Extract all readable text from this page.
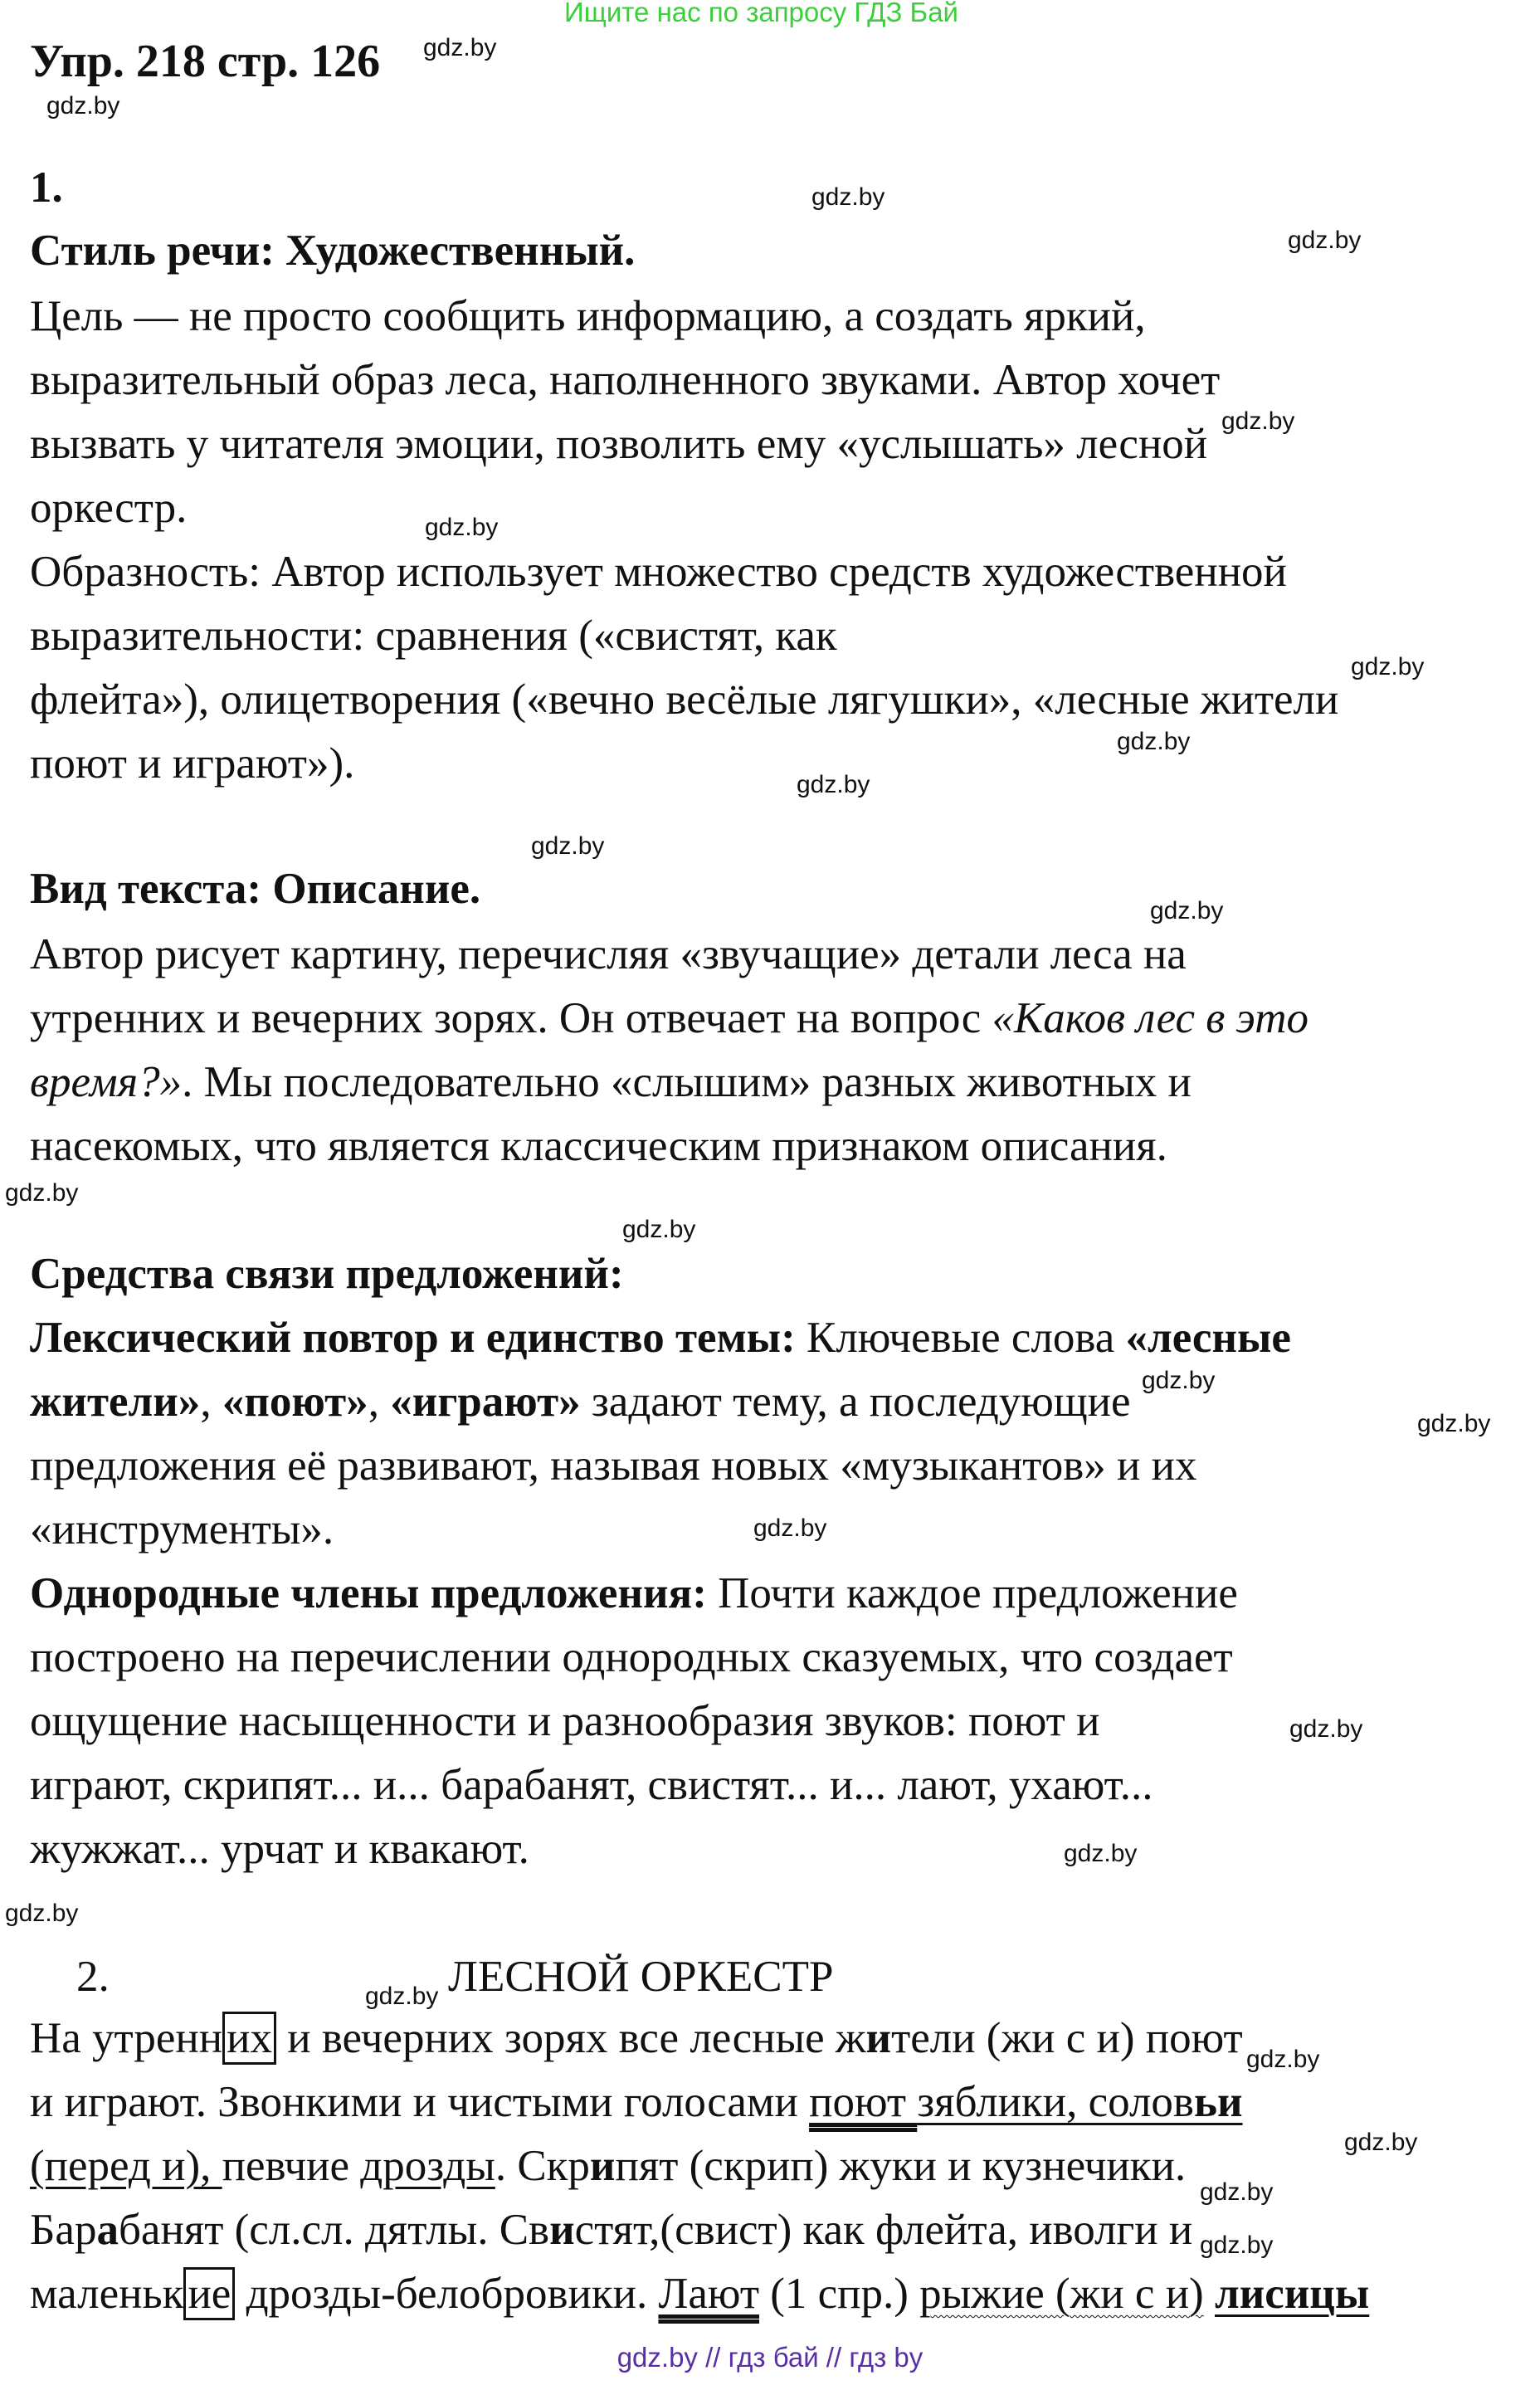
Ищите нас по запросу ГДЗ Бай
Упр. 218 стр. 126
1.
2.	ЛЕСНОЙ ОРКЕСТР
Стиль речи: Художественный.
Цель — не просто сообщить информацию, а создать яркий,
выразительный образ леса, наполненного звуками. Автор хочет
вызвать у читателя эмоции, позволить ему «услышать» лесной
оркестр.
Образность: Автор использует множество средств художественной
выразительности: сравнения («свистят, как
флейта»), олицетворения («вечно весёлые лягушки», «лесные жители
поют и играют»).
Вид текста: Описание.
Автор рисует картину, перечисляя «звучащие» детали леса на
утренних и вечерних зорях. Он отвечает на вопрос «Каков лес в это
время?». Мы последовательно «слышим» разных животных и
насекомых, что является классическим признаком описания.
Средства связи предложений:
Лексический повтор и единство темы: Ключевые слова «лесные
жители», «поют», «играют» задают тему, а последующие
предложения её развивают, называя новых «музыкантов» и их
«инструменты».
Однородные члены предложения: Почти каждое предложение
построено на перечислении однородных сказуемых, что создает
ощущение насыщенности и разнообразия звуков: поют и
играют, скрипят... и... барабанят, свистят... и... лают, ухают...
жужжат... урчат и квакают.
На утренних и вечерних зорях все лесные жители (жи с и) поют
и играют. Звонкими и чистыми голосами поют зяблики, соловьи
(перед и), певчие дрозды. Скрипят (скрип) жуки и кузнечики.
Барабанят (сл.сл. дятлы. Свистят,(свист) как флейта, иволги и
маленькие дрозды-белобровики. Лают (1 спр.) рыжие (жи с и) лисицы
gdz.by
gdz.by
gdz.by
gdz.by
gdz.by
gdz.by
gdz.by
gdz.by
gdz.by
gdz.by
gdz.by
gdz.by
gdz.by
gdz.by
gdz.by
gdz.by
gdz.by
gdz.by
gdz.by
gdz.by
gdz.by
gdz.by
gdz.by
gdz.by
gdz.by // гдз бай // гдз by
